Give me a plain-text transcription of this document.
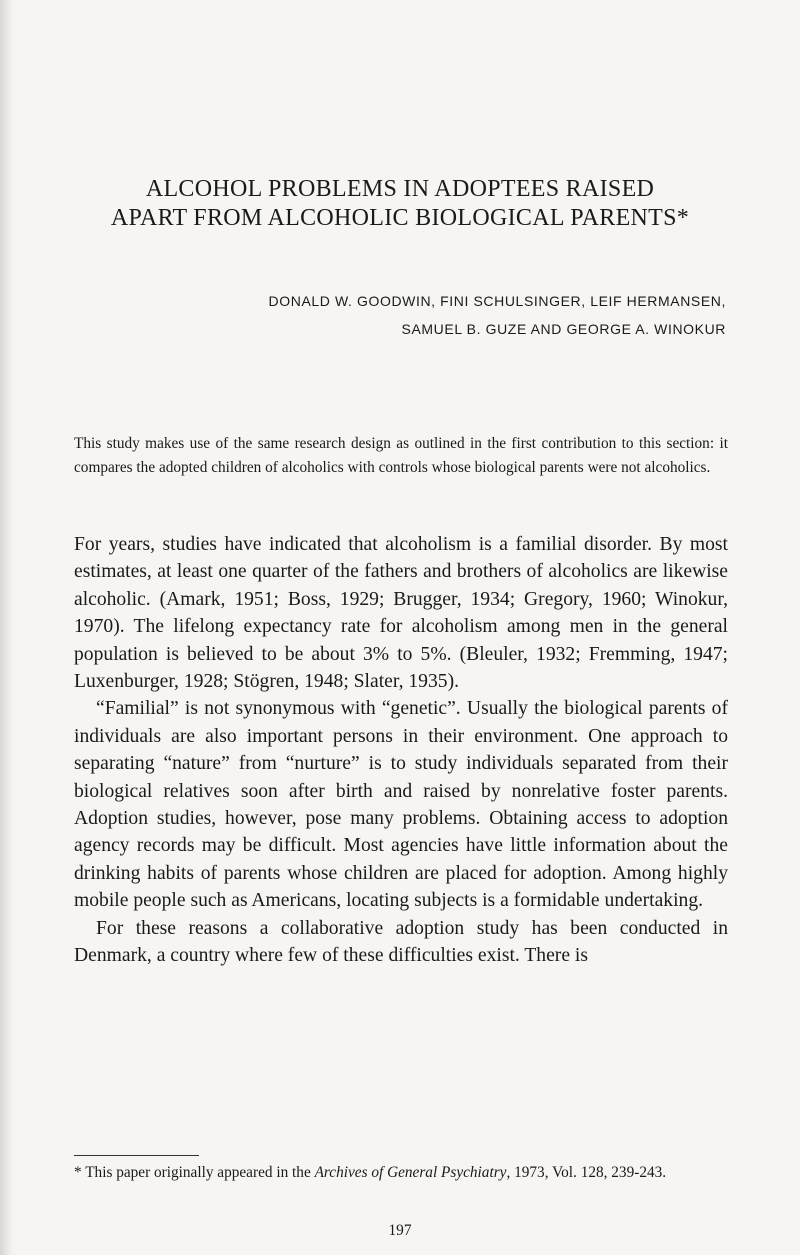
ALCOHOL PROBLEMS IN ADOPTEES RAISED
APART FROM ALCOHOLIC BIOLOGICAL PARENTS*
DONALD W. GOODWIN, FINI SCHULSINGER, LEIF HERMANSEN,
SAMUEL B. GUZE AND GEORGE A. WINOKUR

This study makes use of the same research design as outlined in the first contribution to this section: it compares the adopted children of alcoholics with controls whose biological parents were not alcoholics.

For years, studies have indicated that alcoholism is a familial disorder. By most estimates, at least one quarter of the fathers and brothers of alcoholics are likewise alcoholic. (Amark, 1951; Boss, 1929; Brugger, 1934; Gregory, 1960; Winokur, 1970). The lifelong expectancy rate for alcoholism among men in the general population is believed to be about 3% to 5%. (Bleuler, 1932; Fremming, 1947; Luxenburger, 1928; Stögren, 1948; Slater, 1935).

“Familial” is not synonymous with “genetic”. Usually the biological parents of individuals are also important persons in their environment. One approach to separating “nature” from “nurture” is to study individuals separated from their biological relatives soon after birth and raised by nonrelative foster parents. Adoption studies, however, pose many problems. Obtaining access to adoption agency records may be difficult. Most agencies have little information about the drinking habits of parents whose children are placed for adoption. Among highly mobile people such as Americans, locating subjects is a formidable undertaking.

For these reasons a collaborative adoption study has been conducted in Denmark, a country where few of these difficulties exist. There is

* This paper originally appeared in the Archives of General Psychiatry, 1973, Vol. 128, 239-243.

197
